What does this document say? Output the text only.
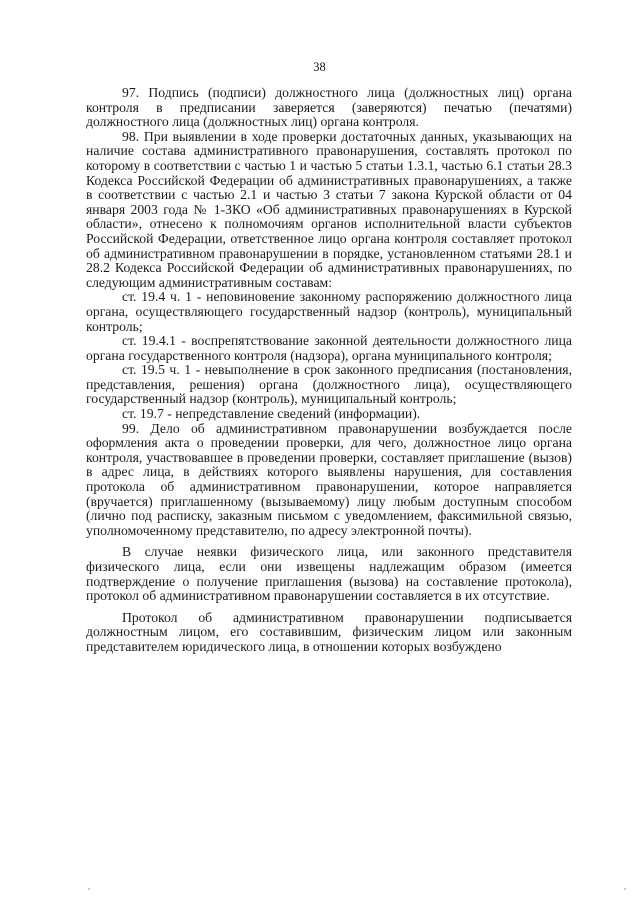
38

97. Подпись (подписи) должностного лица (должностных лиц) органа контроля в предписании заверяется (заверяются) печатью (печатями) должностного лица (должностных лиц) органа контроля.

98. При выявлении в ходе проверки достаточных данных, указывающих на наличие состава административного правонарушения, составлять протокол по которому в соответствии с частью 1 и частью 5 статьи 1.3.1, частью 6.1 статьи 28.3 Кодекса Российской Федерации об административных правонарушениях, а также в соответствии с частью 2.1 и частью 3 статьи 7 закона Курской области от 04 января 2003 года № 1-ЗКО «Об административных правонарушениях в Курской области», отнесено к полномочиям органов исполнительной власти субъектов Российской Федерации, ответственное лицо органа контроля составляет протокол об административном правонарушении в порядке, установленном статьями 28.1 и 28.2 Кодекса Российской Федерации об административных правонарушениях, по следующим административным составам:

ст. 19.4 ч. 1 - неповиновение законному распоряжению должностного лица органа, осуществляющего государственный надзор (контроль), муниципальный контроль;

ст. 19.4.1 - воспрепятствование законной деятельности должностного лица органа государственного контроля (надзора), органа муниципального контроля;

ст. 19.5 ч. 1 - невыполнение в срок законного предписания (постановления, представления, решения) органа (должностного лица), осуществляющего государственный надзор (контроль), муниципальный контроль;

ст. 19.7 - непредставление сведений (информации).

99. Дело об административном правонарушении возбуждается после оформления акта о проведении проверки, для чего, должностное лицо органа контроля, участвовавшее в проведении проверки, составляет приглашение (вызов) в адрес лица, в действиях которого выявлены нарушения, для составления протокола об административном правонарушении, которое направляется (вручается) приглашенному (вызываемому) лицу любым доступным способом (лично под расписку, заказным письмом с уведомлением, факсимильной связью, уполномоченному представителю, по адресу электронной почты).

В случае неявки физического лица, или законного представителя физического лица, если они извещены надлежащим образом (имеется подтверждение о получение приглашения (вызова) на составление протокола), протокол об административном правонарушении составляется в их отсутствие.

Протокол об административном правонарушении подписывается должностным лицом, его составившим, физическим лицом или законным представителем юридического лица, в отношении которых возбуждено
